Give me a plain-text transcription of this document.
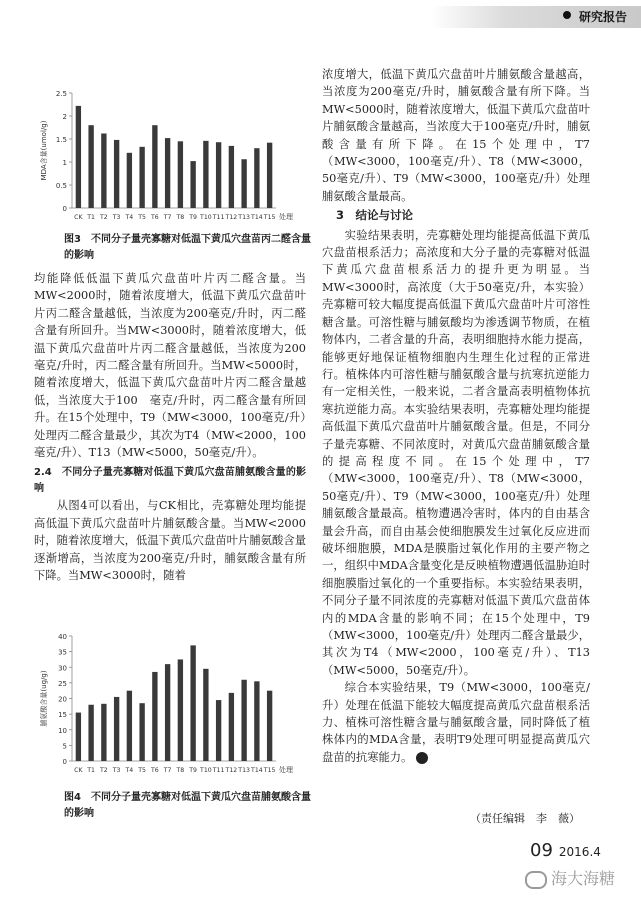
研究报告
0
0.5
1
1.5
2
2.5
MDA含量(umol/g)
CK T1 T2 T3 T4 T5 T6 T7 T8 T9 T10 T11 T12 T13 T14 T15 处理
图3 不同分子量壳寡糖对低温下黄瓜穴盘苗丙二醛含量的影响

均能降低低温下黄瓜穴盘苗叶片丙二醛含量。当MW<2000时，随着浓度增大，低温下黄瓜穴盘苗叶片丙二醛含量越低，当浓度为200毫克/升时，丙二醛含量有所回升。当MW<3000时，随着浓度增大，低温下黄瓜穴盘苗叶片丙二醛含量越低，当浓度为200　毫克/升时，丙二醛含量有所回升。当MW<5000时，随着浓度增大，低温下黄瓜穴盘苗叶片丙二醛含量越低，当浓度大于100　毫克/升时，丙二醛含量有所回升。在15个处理中，T9（MW<3000，100毫克/升）处理丙二醛含量最少，其次为T4（MW<2000，100毫克/升）、T13（MW<5000，50毫克/升）。

2.4　不同分子量壳寡糖对低温下黄瓜穴盘苗脯氨酸含量的影响

从图4可以看出，与CK相比，壳寡糖处理均能提高低温下黄瓜穴盘苗叶片脯氨酸含量。当MW<2000时，随着浓度增大，低温下黄瓜穴盘苗叶片脯氨酸含量逐渐增高，当浓度为200毫克/升时，脯氨酸含量有所下降。当MW<3000时，随着

0
5
10
15
20
25
30
35
40
脯氨酸含量(ug/g)
CK T1 T2 T3 T4 T5 T6 T7 T8 T9 T10 T11 T12 T13 T14 T15 处理
图4 不同分子量壳寡糖对低温下黄瓜穴盘苗脯氨酸含量的影响

浓度增大，低温下黄瓜穴盘苗叶片脯氨酸含量越高，当浓度为200毫克/升时，脯氨酸含量有所下降。当MW<5000时，随着浓度增大，低温下黄瓜穴盘苗叶片脯氨酸含量越高，当浓度大于100毫克/升时，脯氨酸含量有所下降。在15个处理中，T7（MW<3000，100毫克/升）、T8（MW<3000，50毫克/升）、T9（MW<3000，100毫克/升）处理脯氨酸含量最高。

3　结论与讨论

实验结果表明，壳寡糖处理均能提高低温下黄瓜穴盘苗根系活力；高浓度和大分子量的壳寡糖对低温下黄瓜穴盘苗根系活力的提升更为明显。当MW<3000时，高浓度（大于50毫克/升，本实验）壳寡糖可较大幅度提高低温下黄瓜穴盘苗叶片可溶性糖含量。可溶性糖与脯氨酸均为渗透调节物质，在植物体内，二者含量的升高，表明细胞持水能力提高，能够更好地保证植物细胞内生理生化过程的正常进行。植株体内可溶性糖与脯氨酸含量与抗寒抗逆能力有一定相关性，一般来说，二者含量高表明植物体抗寒抗逆能力高。本实验结果表明，壳寡糖处理均能提高低温下黄瓜穴盘苗叶片脯氨酸含量。但是，不同分子量壳寡糖、不同浓度时，对黄瓜穴盘苗脯氨酸含量的提高程度不同。在15个处理中，T7（MW<3000，100毫克/升）、T8（MW<3000，50毫克/升）、T9（MW<3000，100毫克/升）处理脯氨酸含量最高。植物遭遇冷害时，体内的自由基含量会升高，而自由基会使细胞膜发生过氧化反应进而破坏细胞膜，MDA是膜脂过氧化作用的主要产物之一，组织中MDA含量变化是反映植物遭遇低温胁迫时细胞膜脂过氧化的一个重要指标。本实验结果表明，不同分子量不同浓度的壳寡糖对低温下黄瓜穴盘苗体内的MDA含量的影响不同；在15个处理中，T9（MW<3000，100毫克/升）处理丙二醛含量最少，其次为T4（MW<2000，100毫克/升）、T13（MW<5000，50毫克/升）。

综合本实验结果，T9（MW<3000，100毫克/升）处理在低温下能较大幅度提高黄瓜穴盘苗根系活力、植株可溶性糖含量与脯氨酸含量，同时降低了植株体内的MDA含量，表明T9处理可明显提高黄瓜穴盘苗的抗寒能力。	N

（责任编辑　李　薇）
09 2016.4
海大海糖
